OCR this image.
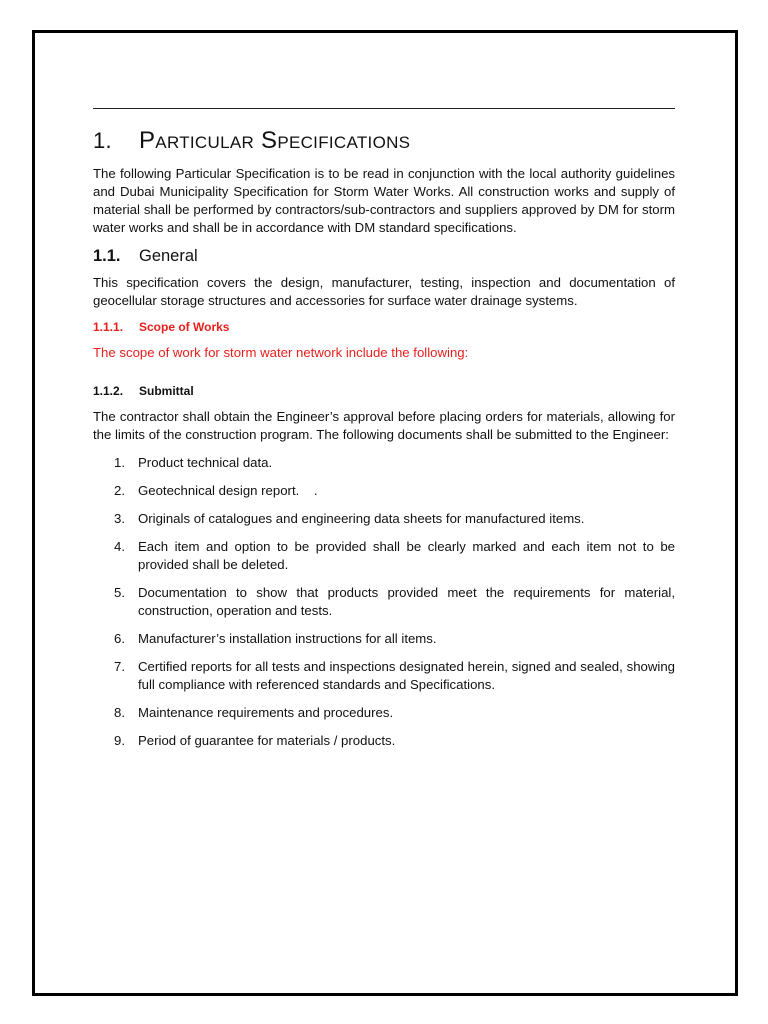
1.	Particular Specifications

The following Particular Specification is to be read in conjunction with the local authority guidelines and Dubai Municipality Specification for Storm Water Works. All construction works and supply of material shall be performed by contractors/sub-contractors and suppliers approved by DM for storm water works and shall be in accordance with DM standard specifications.

1.1.	General

This specification covers the design, manufacturer, testing, inspection and documentation of geocellular storage structures and accessories for surface water drainage systems.

1.1.1.	Scope of Works

The scope of work for storm water network include the following:

1.1.2.	Submittal

The contractor shall obtain the Engineer’s approval before placing orders for materials, allowing for the limits of the construction program. The following documents shall be submitted to the Engineer:

1. Product technical data.
2. Geotechnical design report.    .
3. Originals of catalogues and engineering data sheets for manufactured items.
4. Each item and option to be provided shall be clearly marked and each item not to be provided shall be deleted.
5. Documentation to show that products provided meet the requirements for material, construction, operation and tests.
6. Manufacturer’s installation instructions for all items.
7. Certified reports for all tests and inspections designated herein, signed and sealed, showing full compliance with referenced standards and Specifications.
8. Maintenance requirements and procedures.
9. Period of guarantee for materials / products.
